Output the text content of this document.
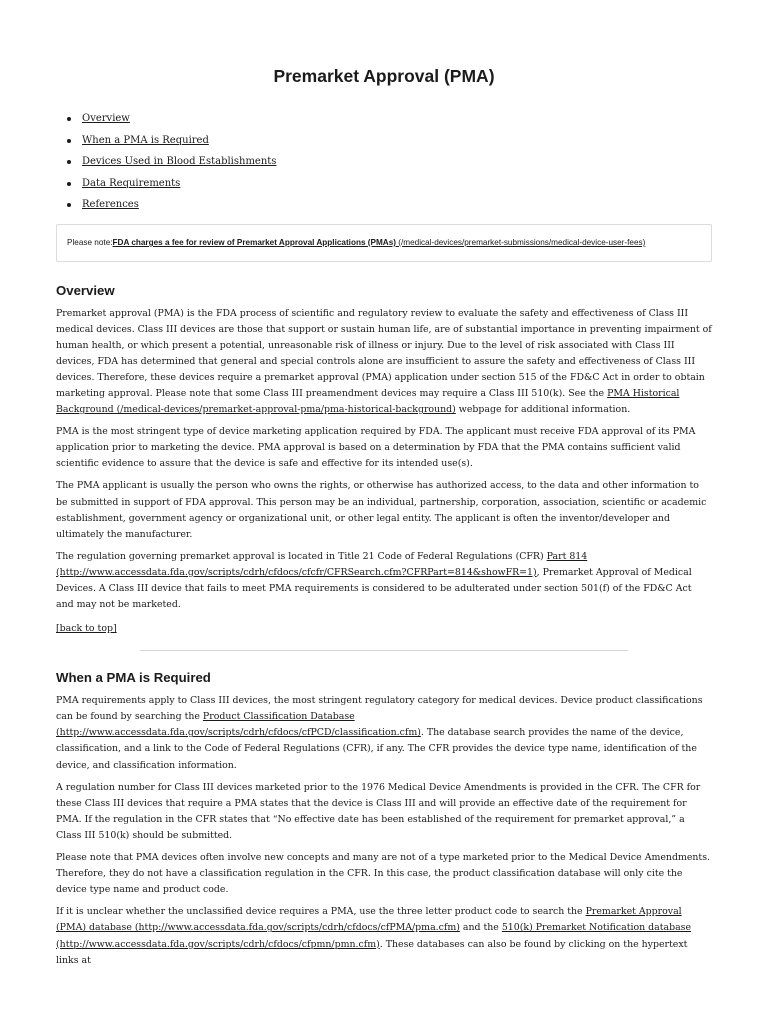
Premarket Approval (PMA)
Overview
When a PMA is Required
Devices Used in Blood Establishments
Data Requirements
References
Please note: FDA charges a fee for review of Premarket Approval Applications (PMAs) (/medical-devices/premarket-submissions/medical-device-user-fees)
Overview

Premarket approval (PMA) is the FDA process of scientific and regulatory review to evaluate the safety and effectiveness of Class III medical devices. Class III devices are those that support or sustain human life, are of substantial importance in preventing impairment of human health, or which present a potential, unreasonable risk of illness or injury. Due to the level of risk associated with Class III devices, FDA has determined that general and special controls alone are insufficient to assure the safety and effectiveness of Class III devices. Therefore, these devices require a premarket approval (PMA) application under section 515 of the FD&C Act in order to obtain marketing approval. Please note that some Class III preamendment devices may require a Class III 510(k). See the PMA Historical Background (/medical-devices/premarket-approval-pma/pma-historical-background) webpage for additional information.

PMA is the most stringent type of device marketing application required by FDA. The applicant must receive FDA approval of its PMA application prior to marketing the device. PMA approval is based on a determination by FDA that the PMA contains sufficient valid scientific evidence to assure that the device is safe and effective for its intended use(s).

The PMA applicant is usually the person who owns the rights, or otherwise has authorized access, to the data and other information to be submitted in support of FDA approval. This person may be an individual, partnership, corporation, association, scientific or academic establishment, government agency or organizational unit, or other legal entity. The applicant is often the inventor/developer and ultimately the manufacturer.

The regulation governing premarket approval is located in Title 21 Code of Federal Regulations (CFR) Part 814 (http://www.accessdata.fda.gov/scripts/cdrh/cfdocs/cfcfr/CFRSearch.cfm?CFRPart=814&showFR=1), Premarket Approval of Medical Devices. A Class III device that fails to meet PMA requirements is considered to be adulterated under section 501(f) of the FD&C Act and may not be marketed.

[back to top]
When a PMA is Required

PMA requirements apply to Class III devices, the most stringent regulatory category for medical devices. Device product classifications can be found by searching the Product Classification Database (http://www.accessdata.fda.gov/scripts/cdrh/cfdocs/cfPCD/classification.cfm). The database search provides the name of the device, classification, and a link to the Code of Federal Regulations (CFR), if any. The CFR provides the device type name, identification of the device, and classification information.

A regulation number for Class III devices marketed prior to the 1976 Medical Device Amendments is provided in the CFR. The CFR for these Class III devices that require a PMA states that the device is Class III and will provide an effective date of the requirement for PMA. If the regulation in the CFR states that “No effective date has been established of the requirement for premarket approval,” a Class III 510(k) should be submitted.

Please note that PMA devices often involve new concepts and many are not of a type marketed prior to the Medical Device Amendments. Therefore, they do not have a classification regulation in the CFR. In this case, the product classification database will only cite the device type name and product code.

If it is unclear whether the unclassified device requires a PMA, use the three letter product code to search the Premarket Approval (PMA) database (http://www.accessdata.fda.gov/scripts/cdrh/cfdocs/cfPMA/pma.cfm) and the 510(k) Premarket Notification database (http://www.accessdata.fda.gov/scripts/cdrh/cfdocs/cfpmn/pmn.cfm). These databases can also be found by clicking on the hypertext links at
